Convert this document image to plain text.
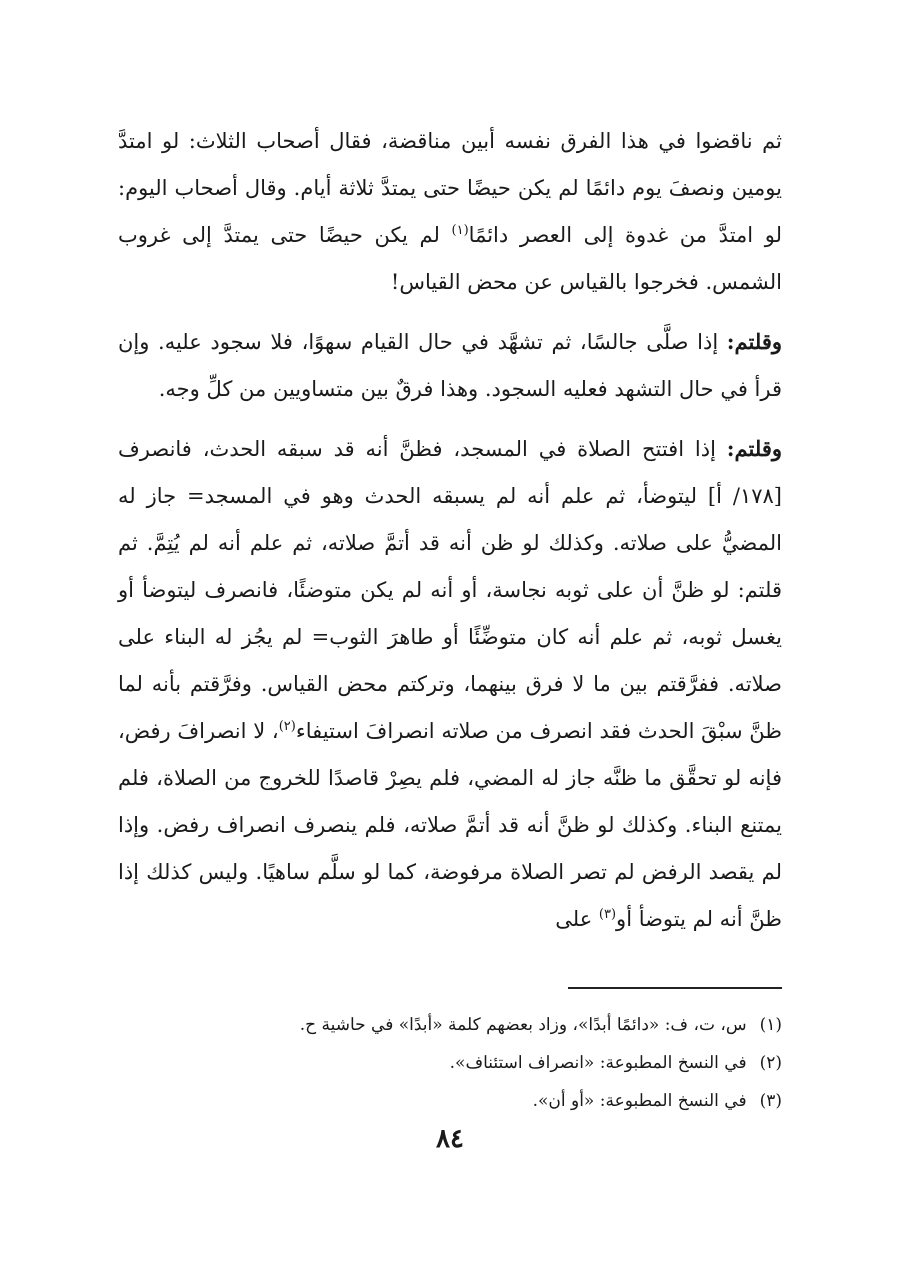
ثم ناقضوا في هذا الفرق نفسه أبين مناقضة، فقال أصحاب الثلاث: لو امتدَّ يومين ونصفَ يوم دائمًا لم يكن حيضًا حتى يمتدَّ ثلاثة أيام. وقال أصحاب اليوم: لو امتدَّ من غدوة إلى العصر دائمًا$^{(١)}$ لم يكن حيضًا حتى يمتدَّ إلى غروب الشمس. فخرجوا بالقياس عن محض القياس!

وقلتم: إذا صلَّى جالسًا، ثم تشهَّد في حال القيام سهوًا، فلا سجود عليه. وإن قرأ في حال التشهد فعليه السجود. وهذا فرقٌ بين متساويين من كلِّ وجه.

وقلتم: إذا افتتح الصلاة في المسجد، فظنَّ أنه قد سبقه الحدث، فانصرف [١٧٨/ أ] ليتوضأ، ثم علم أنه لم يسبقه الحدث وهو في المسجد= جاز له المضيُّ على صلاته. وكذلك لو ظن أنه قد أتمَّ صلاته، ثم علم أنه لم يُتِمَّ. ثم قلتم: لو ظنَّ أن على ثوبه نجاسة، أو أنه لم يكن متوضئًا، فانصرف ليتوضأ أو يغسل ثوبه، ثم علم أنه كان متوضِّئًا أو طاهرَ الثوب= لم يجُز له البناء على صلاته. ففرَّقتم بين ما لا فرق بينهما، وتركتم محض القياس. وفرَّقتم بأنه لما ظنَّ سبْقَ الحدث فقد انصرف من صلاته انصرافَ استيفاء$^{(٢)}$، لا انصرافَ رفض، فإنه لو تحقَّق ما ظنَّه جاز له المضي، فلم يصِرْ قاصدًا للخروج من الصلاة، فلم يمتنع البناء. وكذلك لو ظنَّ أنه قد أتمَّ صلاته، فلم ينصرف انصراف رفض. وإذا لم يقصد الرفض لم تصر الصلاة مرفوضة، كما لو سلَّم ساهيًا. وليس كذلك إذا ظنَّ أنه لم يتوضأ أو$^{(٣)}$ على

(١) س، ت، ف: «دائمًا أبدًا»، وزاد بعضهم كلمة «أبدًا» في حاشية ح.

(٢) في النسخ المطبوعة: «انصراف استئناف».

(٣) في النسخ المطبوعة: «أو أن».

٨٤
